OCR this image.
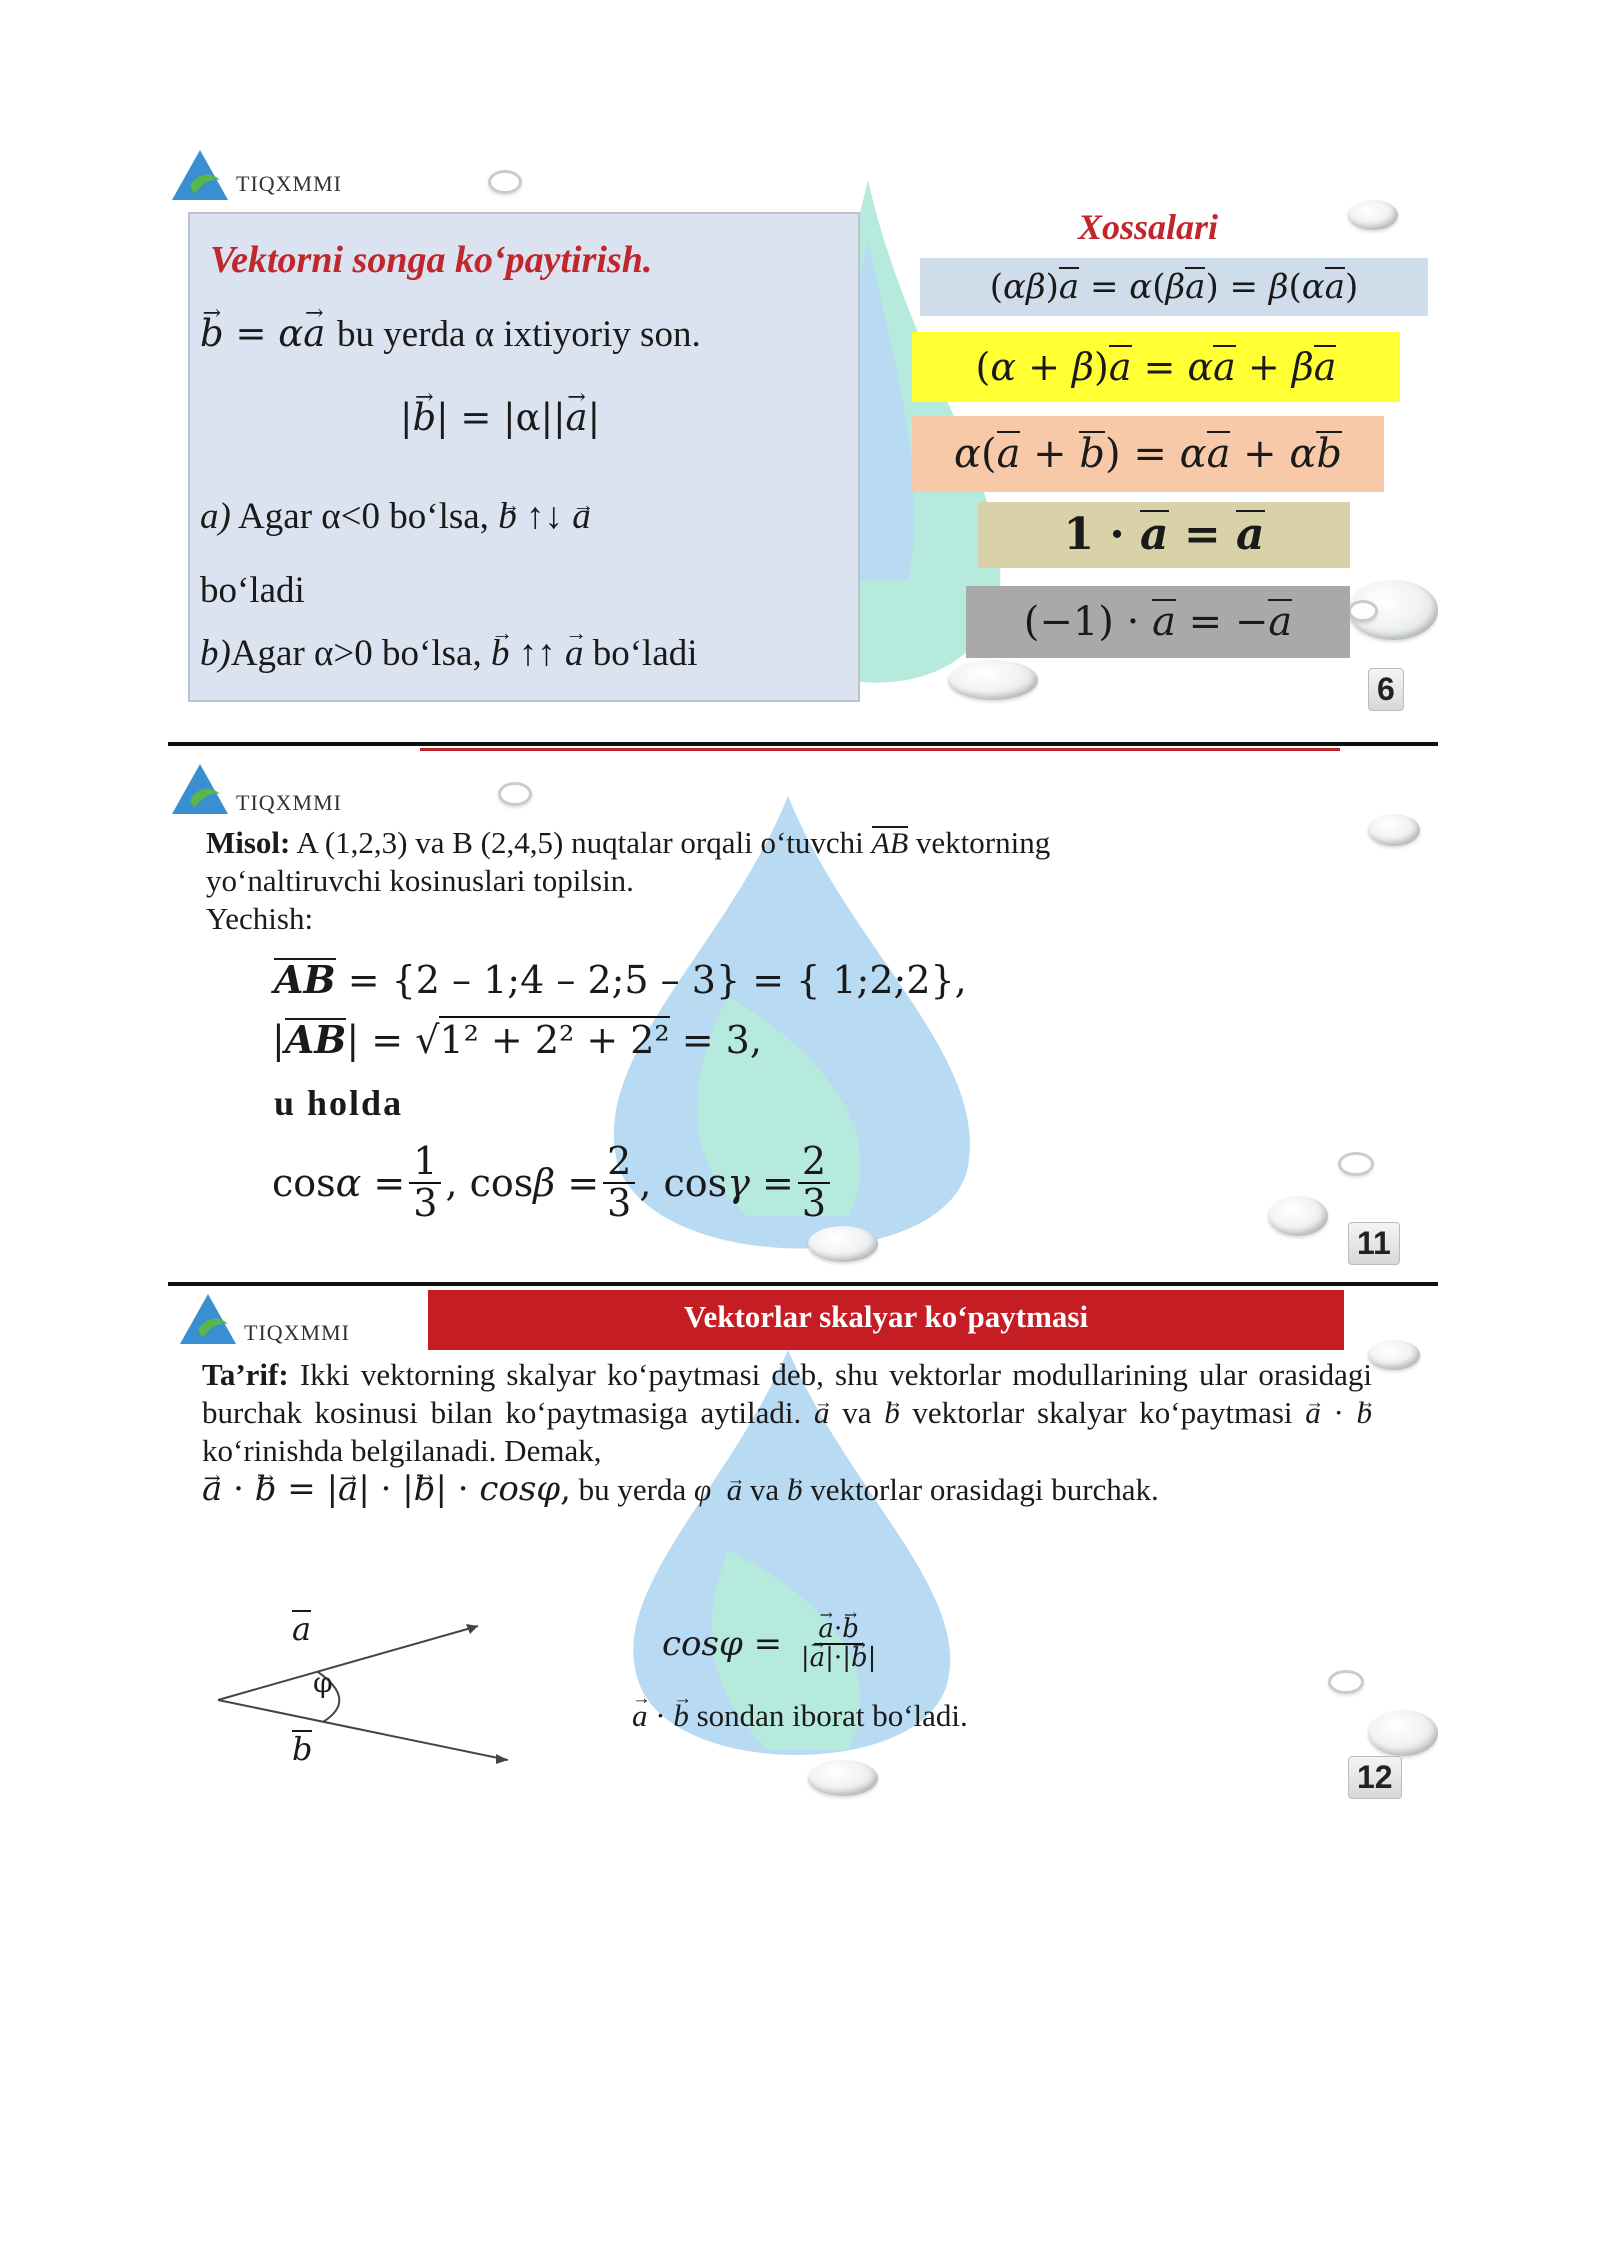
TIQXMMI

Vektorni songa ko‘paytirish.
→ b = α→ a bu yerda α ixtiyoriy son.
|→ b| = |α||→ a|
a) Agar α<0 bo‘lsa, → b ↑↓ → a
bo‘ladi
b)Agar α>0 bo‘lsa, → b ↑↑ → a bo‘ladi
Xossalari
(αβ)a = α(βa) = β(αa)
(α + β)a = αa + βa
α(a + b) = αa + αb
1 · a = a
(−1) · a = −a
6
TIQXMMI
Misol: A (1,2,3) va B (2,4,5) nuqtalar orqali o‘tuvchi AB vektorning
yo‘naltiruvchi kosinuslari topilsin.
Yechish:
AB = {2 – 1;4 – 2;5 – 3} = { 1;2;2},
|AB| = √1² + 2² + 2² = 3,
u holda
$\cos \alpha = \frac{1}{3}$ , $\cos \beta = \frac{2}{3}$ , $\cos \gamma = \frac{2}{3}$
11
TIQXMMI	Vektorlar skalyar ko‘paytmasi
Ta’rif: Ikki vektorning skalyar ko‘paytmasi deb, shu vektorlar modullarining ular orasidagi burchak kosinusi bilan ko‘paytmasiga aytiladi. → a va → b vektorlar skalyar ko‘paytmasi → a · → b ko‘rinishda belgilanadi. Demak,
→ a · → b = |→ a| · |→ b| · cosφ, bu yerda φ → a va → b vektorlar orasidagi burchak.
a
φ
b
cosφ = → $\frac{a\cdot\to b}{|\to a|\cdot|\to b|}$
→ a · → b sondan iborat bo‘ladi.
12
